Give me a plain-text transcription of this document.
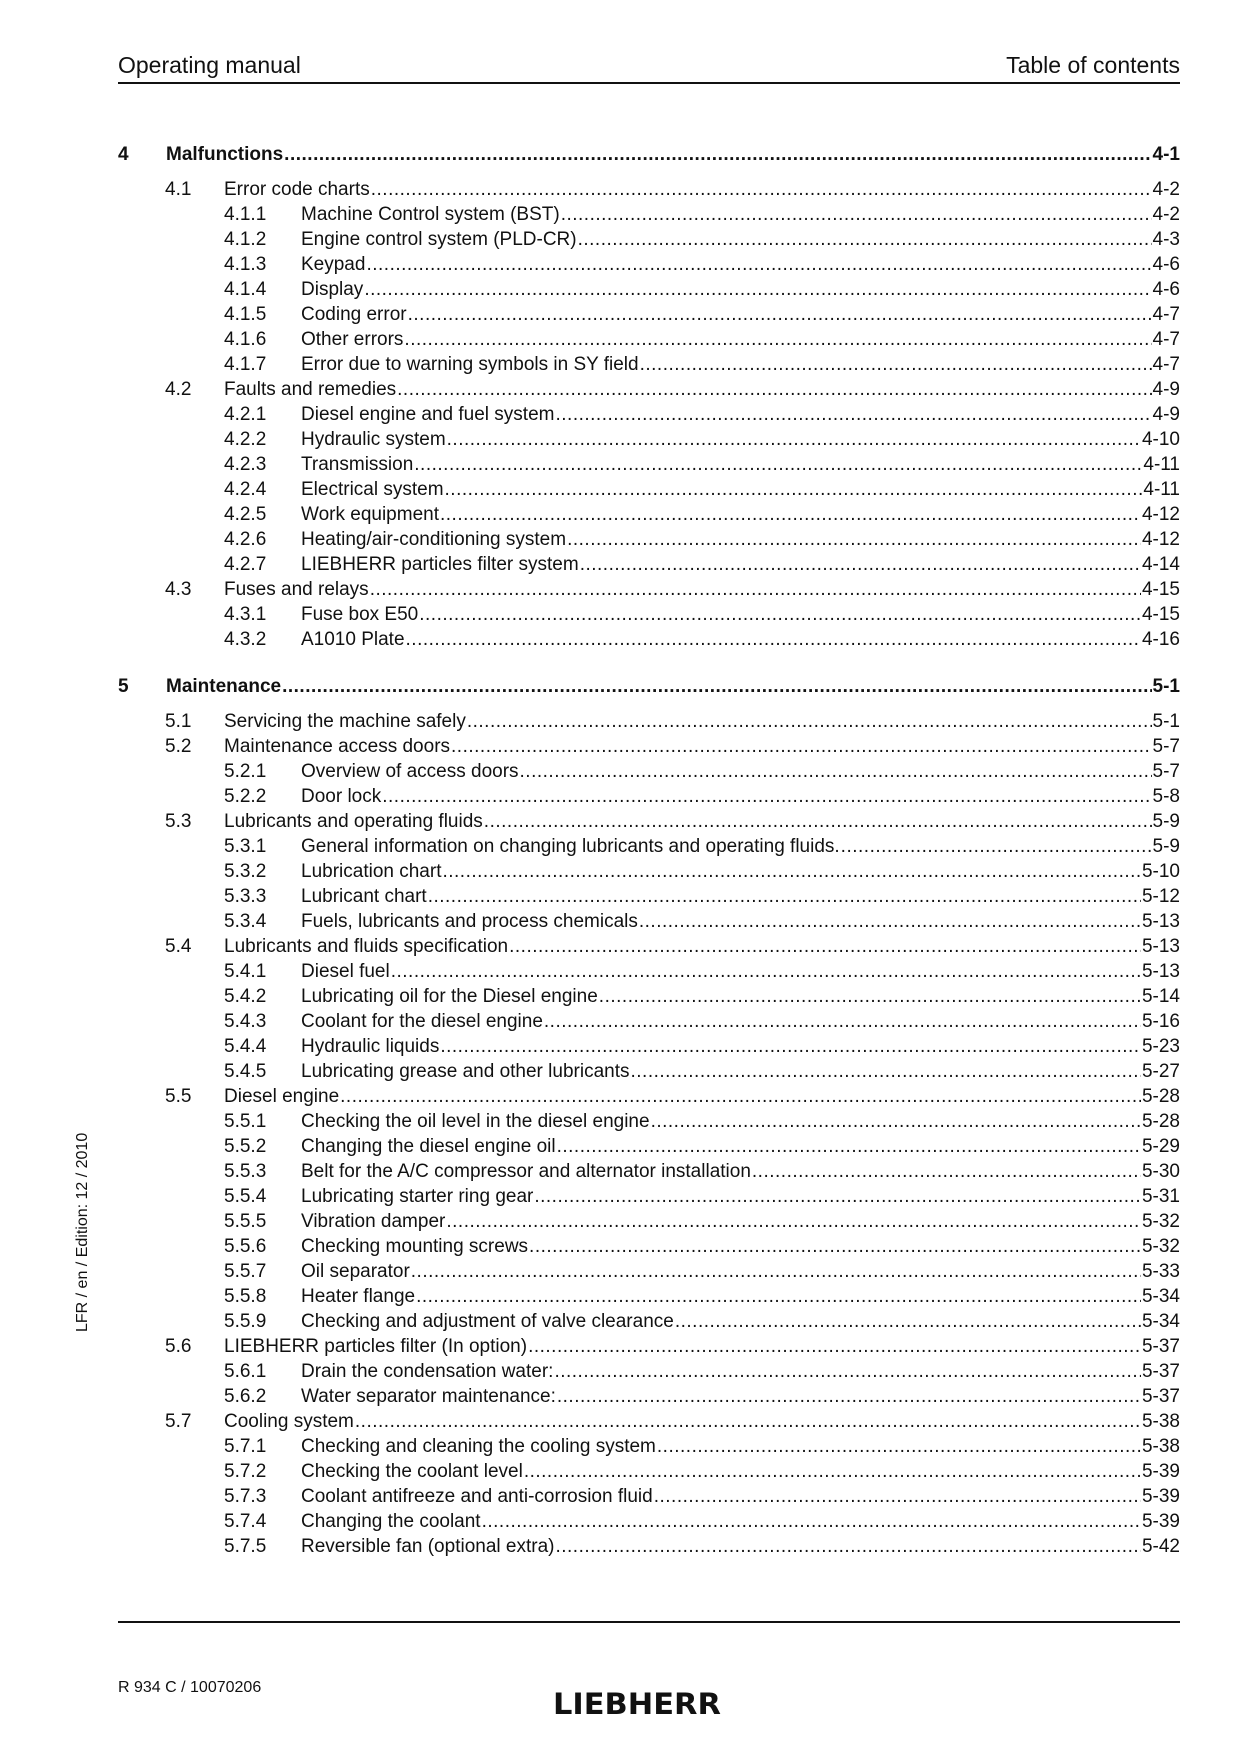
Operating manual	Table of contents
4 Malfunctions .....	4-1
4.1 Error code charts .....	4-2
4.1.1 Machine Control system (BST) .....	4-2
4.1.2 Engine control system (PLD-CR) .....	4-3
4.1.3 Keypad .....	4-6
4.1.4 Display .....	4-6
4.1.5 Coding error .....	4-7
4.1.6 Other errors .....	4-7
4.1.7 Error due to warning symbols in SY field .....	4-7
4.2 Faults and remedies .....	4-9
4.2.1 Diesel engine and fuel system .....	4-9
4.2.2 Hydraulic system .....	4-10
4.2.3 Transmission .....	4-11
4.2.4 Electrical system .....	4-11
4.2.5 Work equipment .....	4-12
4.2.6 Heating/air-conditioning system .....	4-12
4.2.7 LIEBHERR particles filter system .....	4-14
4.3 Fuses and relays .....	4-15
4.3.1 Fuse box E50 .....	4-15
4.3.2 A1010 Plate .....	4-16
5 Maintenance .....	5-1
5.1 Servicing the machine safely .....	5-1
5.2 Maintenance access doors .....	5-7
5.2.1 Overview of access doors .....	5-7
5.2.2 Door lock .....	5-8
5.3 Lubricants and operating fluids .....	5-9
5.3.1 General information on changing lubricants and operating fluids. .....	5-9
5.3.2 Lubrication chart .....	5-10
5.3.3 Lubricant chart .....	5-12
5.3.4 Fuels, lubricants and process chemicals .....	5-13
5.4 Lubricants and fluids specification .....	5-13
5.4.1 Diesel fuel .....	5-13
5.4.2 Lubricating oil for the Diesel engine .....	5-14
5.4.3 Coolant for the diesel engine .....	5-16
5.4.4 Hydraulic liquids .....	5-23
5.4.5 Lubricating grease and other lubricants .....	5-27
5.5 Diesel engine .....	5-28
5.5.1 Checking the oil level in the diesel engine .....	5-28
5.5.2 Changing the diesel engine oil .....	5-29
5.5.3 Belt for the A/C compressor and alternator installation .....	5-30
5.5.4 Lubricating starter ring gear .....	5-31
5.5.5 Vibration damper .....	5-32
5.5.6 Checking mounting screws .....	5-32
5.5.7 Oil separator .....	5-33
5.5.8 Heater flange .....	5-34
5.5.9 Checking and adjustment of valve clearance .....	5-34
5.6 LIEBHERR particles filter (In option) .....	5-37
5.6.1 Drain the condensation water: .....	5-37
5.6.2 Water separator maintenance: .....	5-37
5.7 Cooling system .....	5-38
5.7.1 Checking and cleaning the cooling system .....	5-38
5.7.2 Checking the coolant level .....	5-39
5.7.3 Coolant antifreeze and anti-corrosion fluid .....	5-39
5.7.4 Changing the coolant .....	5-39
5.7.5 Reversible fan (optional extra) .....	5-42
LFR / en / Edition: 12 / 2010
R 934 C / 10070206	LIEBHERR
